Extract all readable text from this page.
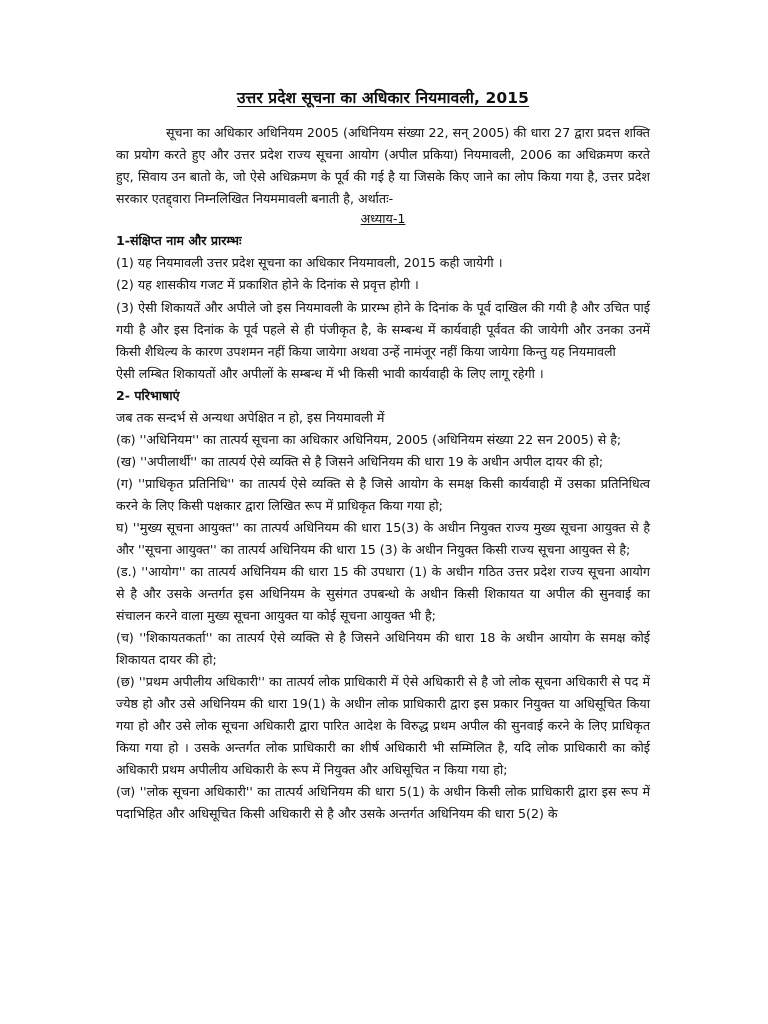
उत्तर प्रदेश सूचना का अधिकार नियमावली, 2015

सूचना का अधिकार अधिनियम 2005 (अधिनियम संख्या 22, सन् 2005) की धारा 27 द्वारा प्रदत्त शक्ति का प्रयोग करते हुए और उत्तर प्रदेश राज्य सूचना आयोग (अपील प्रकिया) नियमावली, 2006 का अधिक्रमण करते हुए, सिवाय उन बातो के, जो ऐसे अधिक्रमण के पूर्व की गई है या जिसके किए जाने का लोप किया गया है, उत्तर प्रदेश सरकार एतद्द्वारा निम्नलिखित नियममावली बनाती है, अर्थातः-

अध्याय-1

1-संक्षिप्त नाम और प्रारम्भः

(1) यह नियमावली उत्तर प्रदेश सूचना का अधिकार नियमावली, 2015 कही जायेगी ।

(2) यह शासकीय गजट में प्रकाशित होने के दिनांक से प्रवृत्त होगी ।

(3) ऐसी शिकायतें और अपीले जो इस नियमावली के प्रारम्भ होने के दिनांक के पूर्व दाखिल की गयी है और उचित पाई गयी है और इस दिनांक के पूर्व पहले से ही पंजीकृत है, के सम्बन्ध में कार्यवाही पूर्ववत की जायेगी और उनका उनमें किसी शैथिल्य के कारण उपशमन नहीं किया जायेगा अथवा उन्हें नामंजूर नहीं किया जायेगा किन्तु यह नियमावली

ऐसी लम्बित शिकायतों और अपीलों के सम्बन्ध में भी किसी भावी कार्यवाही के लिए लागू रहेगी ।

2- परिभाषाएं

जब तक सन्दर्भ से अन्यथा अपेक्षित न हो, इस नियमावली में

(क) ''अधिनियम'' का तात्पर्य सूचना का अधिकार अधिनियम, 2005 (अधिनियम संख्या 22 सन 2005) से है;

(ख) ''अपीलार्थी'' का तात्पर्य ऐसे व्यक्ति से है जिसने अधिनियम की धारा 19 के अधीन अपील दायर की हो;

(ग) ''प्राधिकृत प्रतिनिधि'' का तात्पर्य ऐसे व्यक्ति से है जिसे आयोग के समक्ष किसी कार्यवाही में उसका प्रतिनिधित्व करने के लिए किसी पक्षकार द्वारा लिखित रूप में प्राधिकृत किया गया हो;

घ) ''मुख्य सूचना आयुक्त'' का तात्पर्य अधिनियम की धारा 15(3) के अधीन नियुक्त राज्य मुख्य सूचना आयुक्त से है और ''सूचना आयुक्त'' का तात्पर्य अधिनियम की धारा 15 (3) के अधीन नियुक्त किसी राज्य सूचना आयुक्त से है;

(ड.) ''आयोग'' का तात्पर्य अधिनियम की धारा 15 की उपधारा (1) के अधीन गठित उत्तर प्रदेश राज्य सूचना आयोग से है और उसके अन्तर्गत इस अधिनियम के सुसंगत उपबन्धो के अधीन किसी शिकायत या अपील की सुनवाई का संचालन करने वाला मुख्य सूचना आयुक्त या कोई सूचना आयुक्त भी है;

(च) ''शिकायतकर्ता'' का तात्पर्य ऐसे व्यक्ति से है जिसने अधिनियम की धारा 18 के अधीन आयोग के समक्ष कोई शिकायत दायर की हो;

(छ) ''प्रथम अपीलीय अधिकारी'' का तात्पर्य लोक प्राधिकारी में ऐसे अधिकारी से है जो लोक सूचना अधिकारी से पद में ज्येष्ठ हो और उसे अधिनियम की धारा 19(1) के अधीन लोक प्राधिकारी द्वारा इस प्रकार नियुक्त या अधिसूचित किया गया हो और उसे लोक सूचना अधिकारी द्वारा पारित आदेश के विरुद्ध प्रथम अपील की सुनवाई करने के लिए प्राधिकृत किया गया हो । उसके अन्तर्गत लोक प्राधिकारी का शीर्ष अधिकारी भी सम्मिलित है, यदि लोक प्राधिकारी का कोई अधिकारी प्रथम अपीलीय अधिकारी के रूप में नियुक्त और अधिसूचित न किया गया हो;

(ज) ''लोक सूचना अधिकारी'' का तात्पर्य अधिनियम की धारा 5(1) के अधीन किसी लोक प्राधिकारी द्वारा इस रूप में पदाभिहित और अधिसूचित किसी अधिकारी से है और उसके अन्तर्गत अधिनियम की धारा 5(2) के
